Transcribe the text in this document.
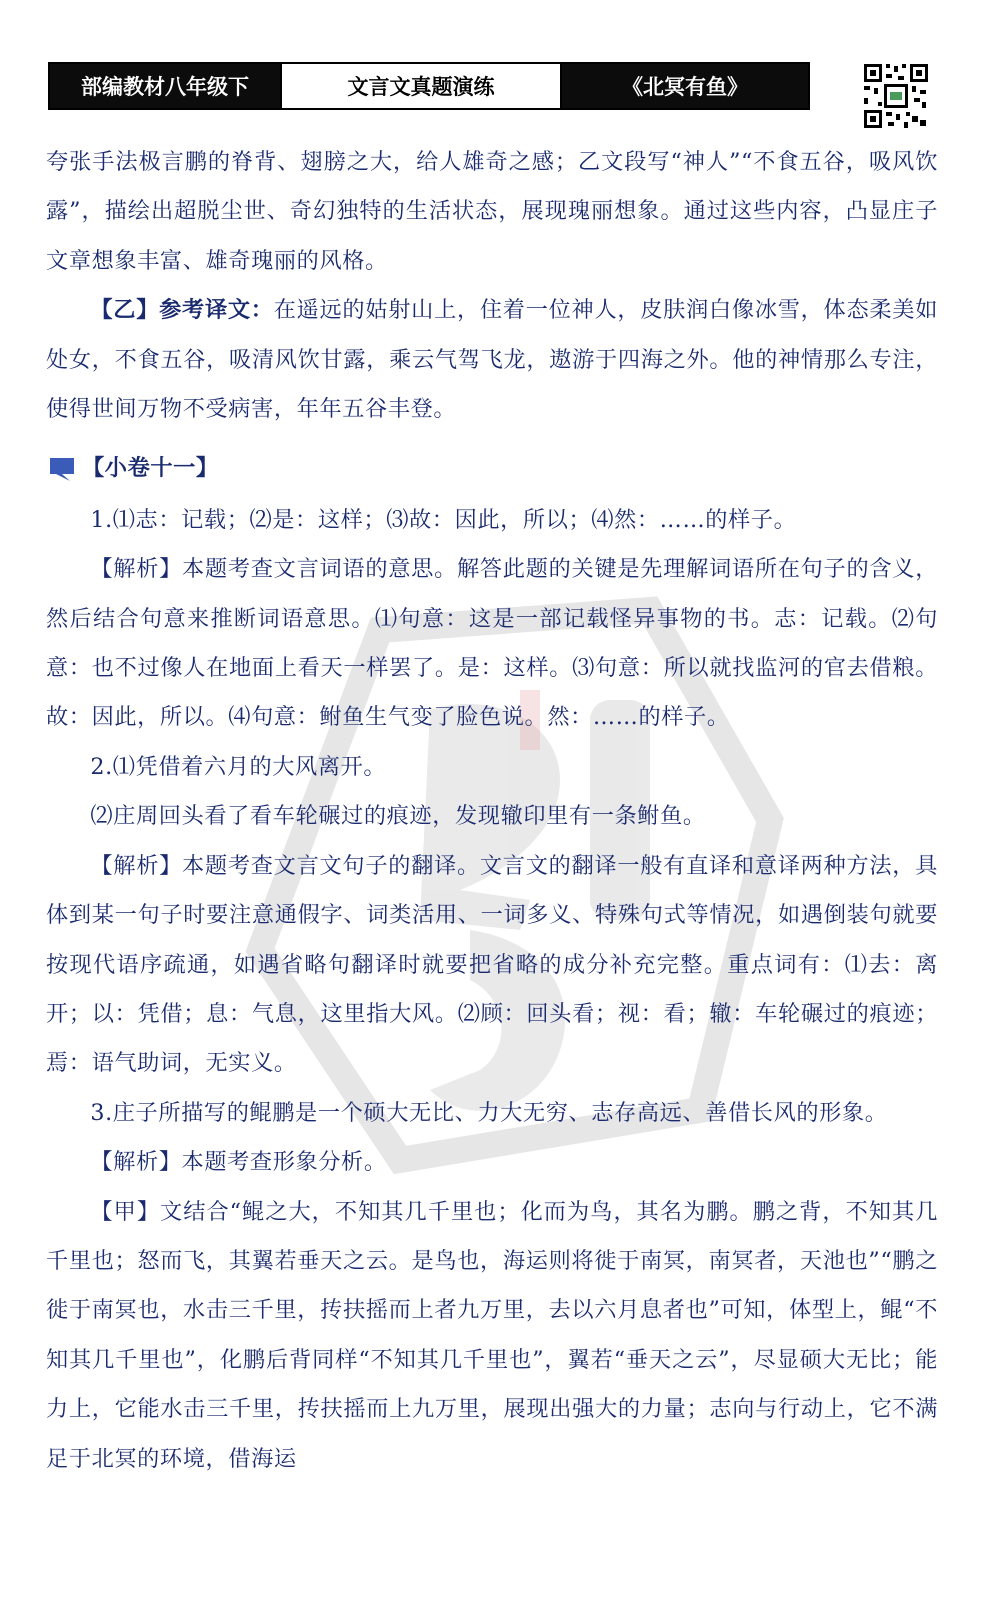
部编教材八年级下	文言文真题演练	《北冥有鱼》

夸张手法极言鹏的脊背、翅膀之大，给人雄奇之感；乙文段写“神人”“不食五谷，吸风饮露”，描绘出超脱尘世、奇幻独特的生活状态，展现瑰丽想象。通过这些内容，凸显庄子文章想象丰富、雄奇瑰丽的风格。

【乙】参考译文：在遥远的姑射山上，住着一位神人，皮肤润白像冰雪，体态柔美如处女，不食五谷，吸清风饮甘露，乘云气驾飞龙，遨游于四海之外。他的神情那么专注，使得世间万物不受病害，年年五谷丰登。

【小卷十一】

1.⑴志：记载；⑵是：这样；⑶故：因此，所以；⑷然：……的样子。

【解析】本题考查文言词语的意思。解答此题的关键是先理解词语所在句子的含义，然后结合句意来推断词语意思。⑴句意：这是一部记载怪异事物的书。志：记载。⑵句意：也不过像人在地面上看天一样罢了。是：这样。⑶句意：所以就找监河的官去借粮。故：因此，所以。⑷句意：鲋鱼生气变了脸色说。然：……的样子。

2.⑴凭借着六月的大风离开。

⑵庄周回头看了看车轮碾过的痕迹，发现辙印里有一条鲋鱼。

【解析】本题考查文言文句子的翻译。文言文的翻译一般有直译和意译两种方法，具体到某一句子时要注意通假字、词类活用、一词多义、特殊句式等情况，如遇倒装句就要按现代语序疏通，如遇省略句翻译时就要把省略的成分补充完整。重点词有：⑴去：离开；以：凭借；息：气息，这里指大风。⑵顾：回头看；视：看；辙：车轮碾过的痕迹；焉：语气助词，无实义。

3.庄子所描写的鲲鹏是一个硕大无比、力大无穷、志存高远、善借长风的形象。

【解析】本题考查形象分析。

【甲】文结合“鲲之大，不知其几千里也；化而为鸟，其名为鹏。鹏之背，不知其几千里也；怒而飞，其翼若垂天之云。是鸟也，海运则将徙于南冥，南冥者，天池也”“鹏之徙于南冥也，水击三千里，抟扶摇而上者九万里，去以六月息者也”可知，体型上，鲲“不知其几千里也”，化鹏后背同样“不知其几千里也”，翼若“垂天之云”，尽显硕大无比；能力上，它能水击三千里，抟扶摇而上九万里，展现出强大的力量；志向与行动上，它不满足于北冥的环境，借海运
